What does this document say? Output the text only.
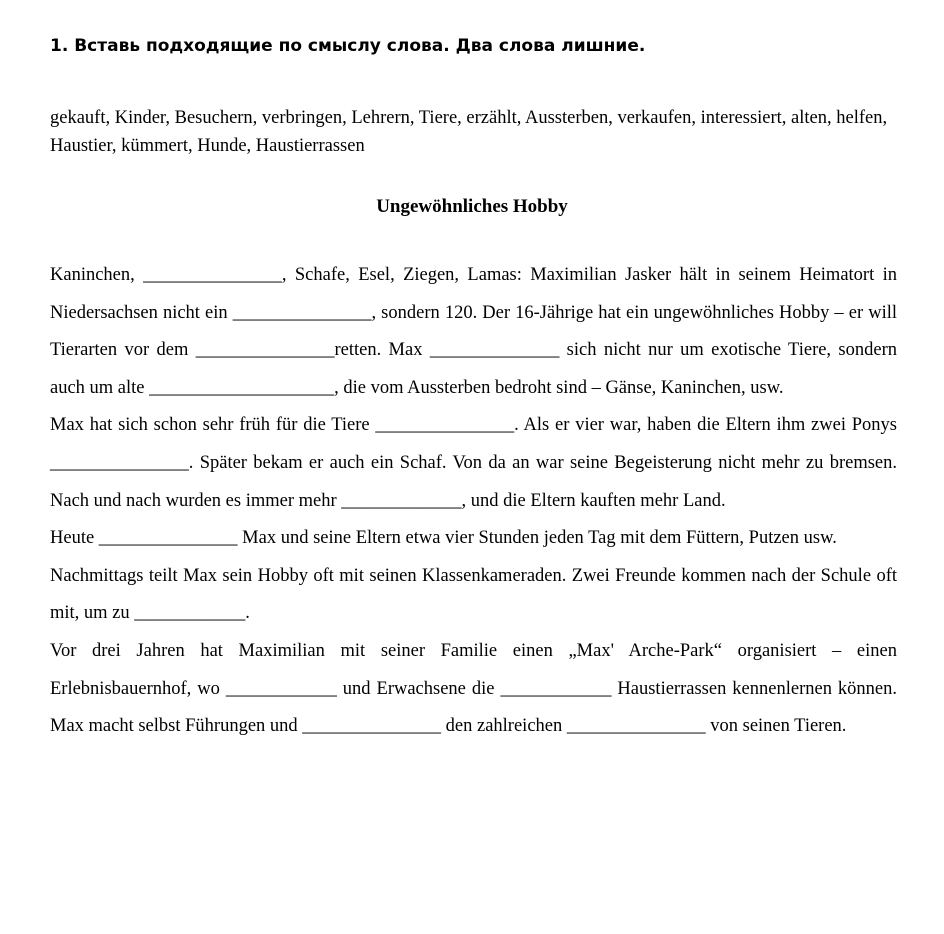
1. Вставь подходящие по смыслу слова. Два слова лишние.

gekauft, Kinder, Besuchern, verbringen, Lehrern, Tiere, erzählt, Aussterben, verkaufen, interessiert, alten, helfen, Haustier, kümmert, Hunde, Haustierrassen

Ungewöhnliches Hobby

Kaninchen, _______________, Schafe, Esel, Ziegen, Lamas: Maximilian Jasker hält in seinem Heimatort in Niedersachsen nicht ein _______________, sondern 120. Der 16-Jährige hat ein ungewöhnliches Hobby – er will Tierarten vor dem _______________retten. Max ______________ sich nicht nur um exotische Tiere, sondern auch um alte ____________________, die vom Aussterben bedroht sind – Gänse, Kaninchen, usw.

Max hat sich schon sehr früh für die Tiere _______________. Als er vier war, haben die Eltern ihm zwei Ponys _______________. Später bekam er auch ein Schaf. Von da an war seine Begeisterung nicht mehr zu bremsen. Nach und nach wurden es immer mehr _____________, und die Eltern kauften mehr Land.

Heute _______________ Max und seine Eltern etwa vier Stunden jeden Tag mit dem Füttern, Putzen usw.

Nachmittags teilt Max sein Hobby oft mit seinen Klassenkameraden. Zwei Freunde kommen nach der Schule oft mit, um zu ____________.

Vor drei Jahren hat Maximilian mit seiner Familie einen „Max' Arche-Park“ organisiert – einen Erlebnisbauernhof, wo ____________ und Erwachsene die ____________ Haustierrassen kennenlernen können. Max macht selbst Führungen und _______________ den zahlreichen _______________ von seinen Tieren.
